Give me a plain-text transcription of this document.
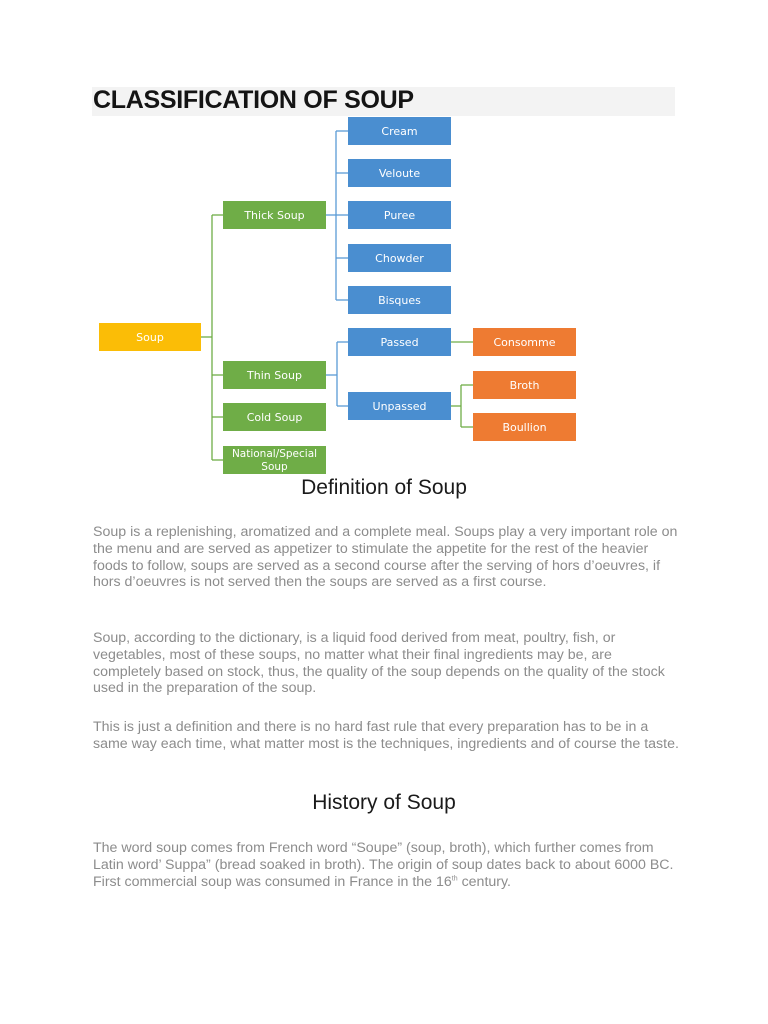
CLASSIFICATION OF SOUP
Soup
Thick Soup
Thin Soup
Cold Soup
National/Special
Soup
Cream
Veloute
Puree
Chowder
Bisques
Passed
Unpassed
Consomme
Broth
Boullion
Definition of Soup

Soup is a replenishing, aromatized and a complete meal. Soups play a very important role on the menu and are served as appetizer to stimulate the appetite for the rest of the heavier foods to follow, soups are served as a second course after the serving of hors d’oeuvres, if hors d’oeuvres is not served then the soups are served as a first course.

Soup, according to the dictionary, is a liquid food derived from meat, poultry, fish, or vegetables, most of these soups, no matter what their final ingredients may be, are completely based on stock, thus, the quality of the soup depends on the quality of the stock used in the preparation of the soup.

This is just a definition and there is no hard fast rule that every preparation has to be in a same way each time, what matter most is the techniques, ingredients and of course the taste.

History of Soup

The word soup comes from French word “Soupe” (soup, broth), which further comes from Latin word’ Suppa” (bread soaked in broth). The origin of soup dates back to about 6000 BC. First commercial soup was consumed in France in the 16th century.
